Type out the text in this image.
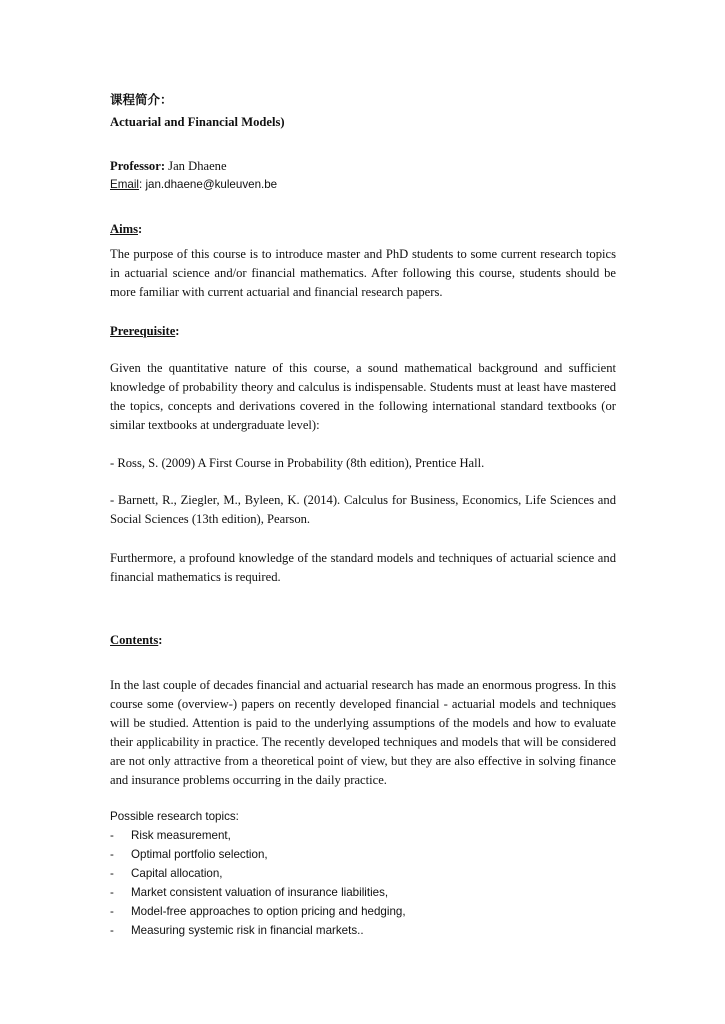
课程简介：
Actuarial and Financial Models)
Professor: Jan Dhaene
Email: jan.dhaene@kuleuven.be
Aims:

The purpose of this course is to introduce master and PhD students to some current research topics in actuarial science and/or financial mathematics. After following this course, students should be more familiar with current actuarial and financial research papers.

Prerequisite:

Given the quantitative nature of this course, a sound mathematical background and sufficient knowledge of probability theory and calculus is indispensable. Students must at least have mastered the topics, concepts and derivations covered in the following international standard textbooks (or similar textbooks at undergraduate level):

- Ross, S. (2009) A First Course in Probability (8th edition), Prentice Hall.

- Barnett, R., Ziegler, M., Byleen, K. (2014). Calculus for Business, Economics, Life Sciences and Social Sciences (13th edition), Pearson.

Furthermore, a profound knowledge of the standard models and techniques of actuarial science and financial mathematics is required.

Contents:

In the last couple of decades financial and actuarial research has made an enormous progress. In this course some (overview-) papers on recently developed financial - actuarial models and techniques will be studied. Attention is paid to the underlying assumptions of the models and how to evaluate their applicability in practice. The recently developed techniques and models that will be considered are not only attractive from a theoretical point of view, but they are also effective in solving finance and insurance problems occurring in the daily practice.

Possible research topics:
-	Risk measurement,
-	Optimal portfolio selection,
-	Capital allocation,
-	Market consistent valuation of insurance liabilities,
-	Model-free approaches to option pricing and hedging,
-	Measuring systemic risk in financial markets..
